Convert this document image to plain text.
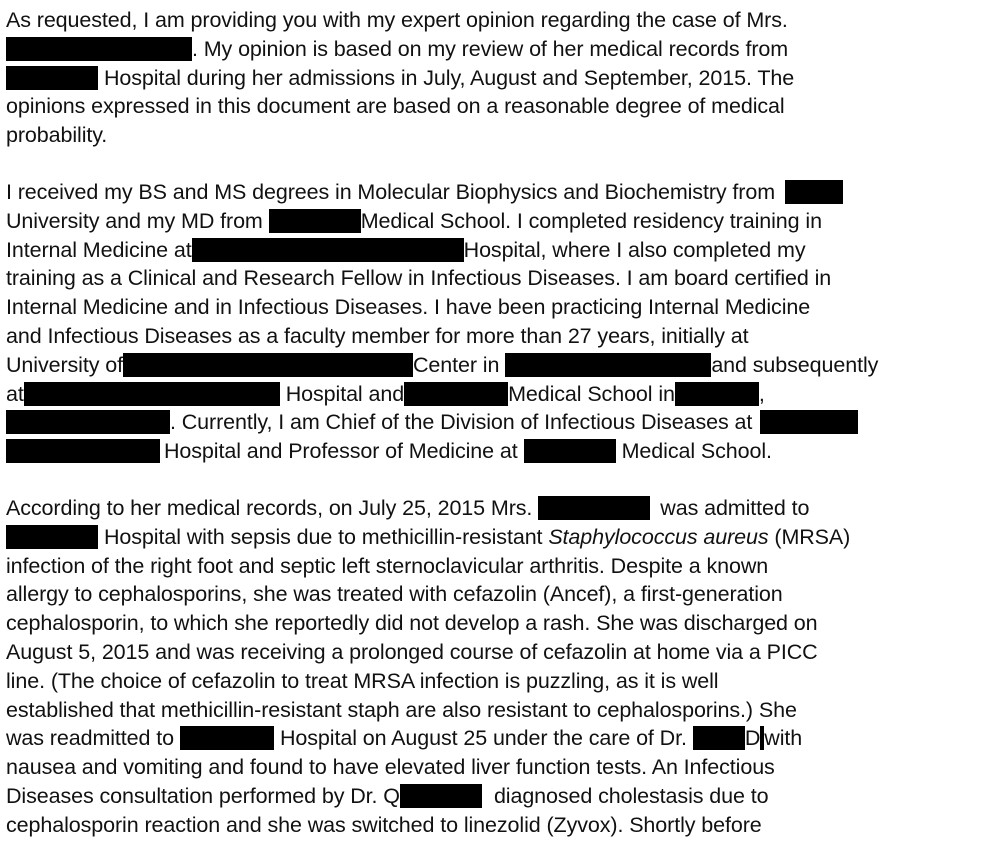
As requested, I am providing you with my expert opinion regarding the case of Mrs.
. My opinion is based on my review of her medical records from
Hospital during her admissions in July, August and September, 2015. The
opinions expressed in this document are based on a reasonable degree of medical
probability.
I received my BS and MS degrees in Molecular Biophysics and Biochemistry from
University and my MD from	Medical School. I completed residency training in
Internal Medicine at	Hospital, where I also completed my
training as a Clinical and Research Fellow in Infectious Diseases. I am board certified in
Internal Medicine and in Infectious Diseases. I have been practicing Internal Medicine
and Infectious Diseases as a faculty member for more than 27 years, initially at
University of	Center in	and subsequently
at	Hospital and	Medical School in	,
. Currently, I am Chief of the Division of Infectious Diseases at
Hospital and Professor of Medicine at	Medical School.
According to her medical records, on July 25, 2015 Mrs.	was admitted to
Hospital with sepsis due to methicillin-resistant Staphylococcus aureus (MRSA)
infection of the right foot and septic left sternoclavicular arthritis. Despite a known
allergy to cephalosporins, she was treated with cefazolin (Ancef), a first-generation
cephalosporin, to which she reportedly did not develop a rash. She was discharged on
August 5, 2015 and was receiving a prolonged course of cefazolin at home via a PICC
line. (The choice of cefazolin to treat MRSA infection is puzzling, as it is well
established that methicillin-resistant staph are also resistant to cephalosporins.) She
was readmitted to	Hospital on August 25 under the care of Dr.	D with
nausea and vomiting and found to have elevated liver function tests. An Infectious
Diseases consultation performed by Dr. Q	diagnosed cholestasis due to
cephalosporin reaction and she was switched to linezolid (Zyvox). Shortly before
